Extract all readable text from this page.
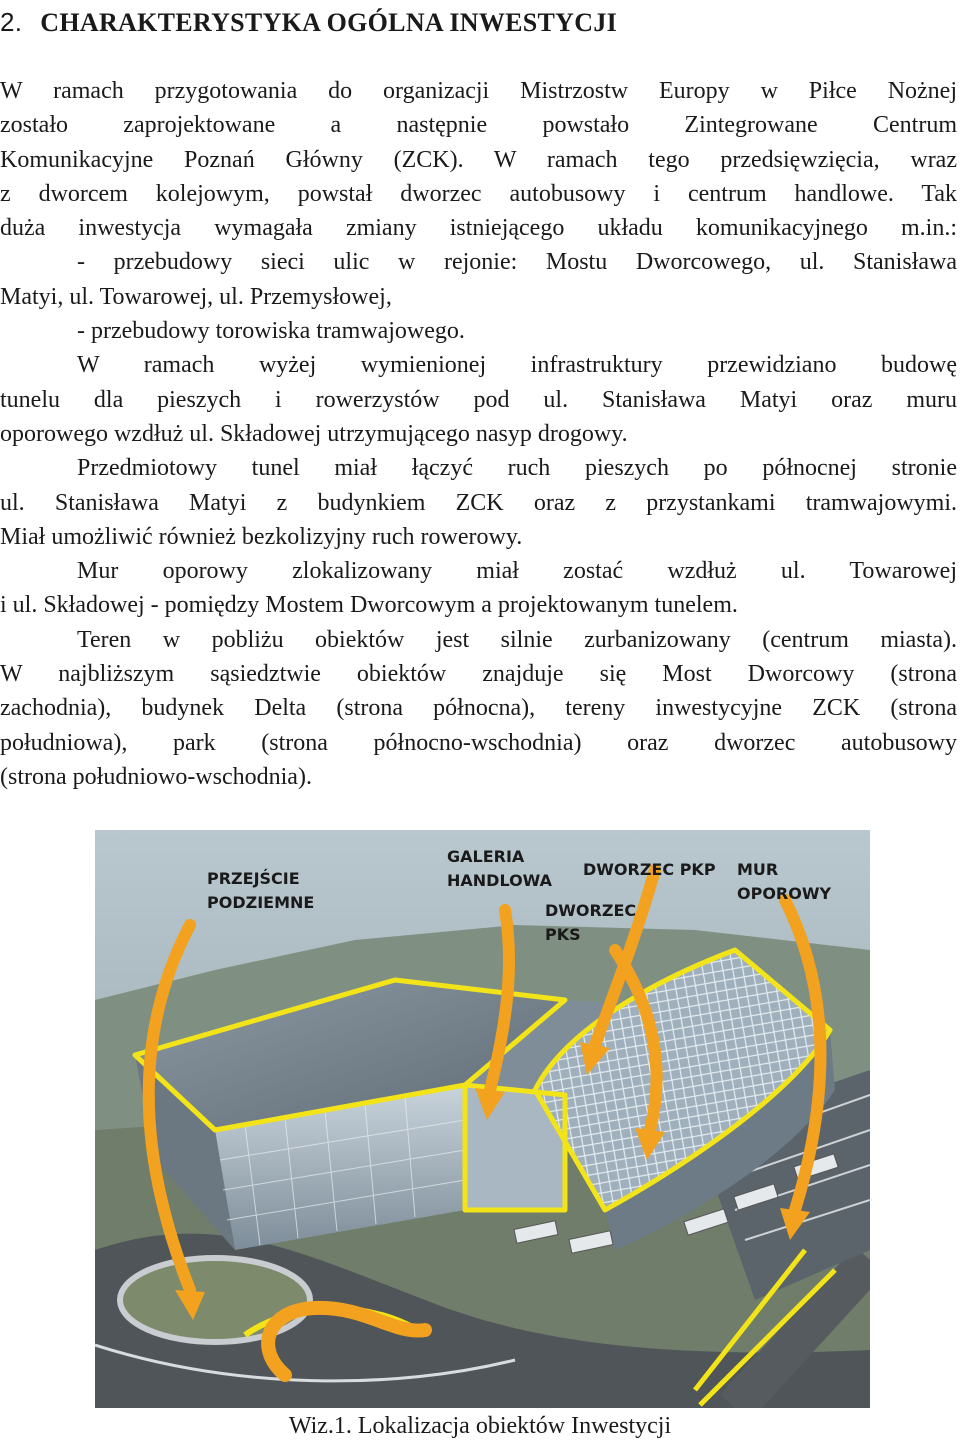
2. CHARAKTERYSTYKA OGÓLNA INWESTYCJI
W ramach przygotowania do organizacji Mistrzostw Europy w Piłce Nożnej
zostało zaprojektowane a następnie powstało Zintegrowane Centrum
Komunikacyjne Poznań Główny (ZCK). W ramach tego przedsięwzięcia, wraz
z dworcem kolejowym, powstał dworzec autobusowy i centrum handlowe. Tak
duża inwestycja wymagała zmiany istniejącego układu komunikacyjnego m.in.:
- przebudowy sieci ulic w rejonie: Mostu Dworcowego, ul. Stanisława
Matyi, ul. Towarowej, ul. Przemysłowej,
- przebudowy torowiska tramwajowego.
W ramach wyżej wymienionej infrastruktury przewidziano budowę
tunelu dla pieszych i rowerzystów pod ul. Stanisława Matyi oraz muru
oporowego wzdłuż ul. Składowej utrzymującego nasyp drogowy.
Przedmiotowy tunel miał łączyć ruch pieszych po północnej stronie
ul. Stanisława Matyi z budynkiem ZCK oraz z przystankami tramwajowymi.
Miał umożliwić również bezkolizyjny ruch rowerowy.
Mur oporowy zlokalizowany miał zostać wzdłuż ul. Towarowej
i ul. Składowej - pomiędzy Mostem Dworcowym a projektowanym tunelem.
Teren w pobliżu obiektów jest silnie zurbanizowany (centrum miasta).
W najbliższym sąsiedztwie obiektów znajduje się Most Dworcowy (strona
zachodnia), budynek Delta (strona północna), tereny inwestycyjne ZCK (strona
południowa), park (strona północno-wschodnia) oraz dworzec autobusowy
(strona południowo-wschodnia).
PRZEJŚCIE
PODZIEMNE
GALERIA
HANDLOWA
DWORZEC PKP
DWORZEC
PKS
MUR
OPOROWY
Wiz.1. Lokalizacja obiektów Inwestycji
